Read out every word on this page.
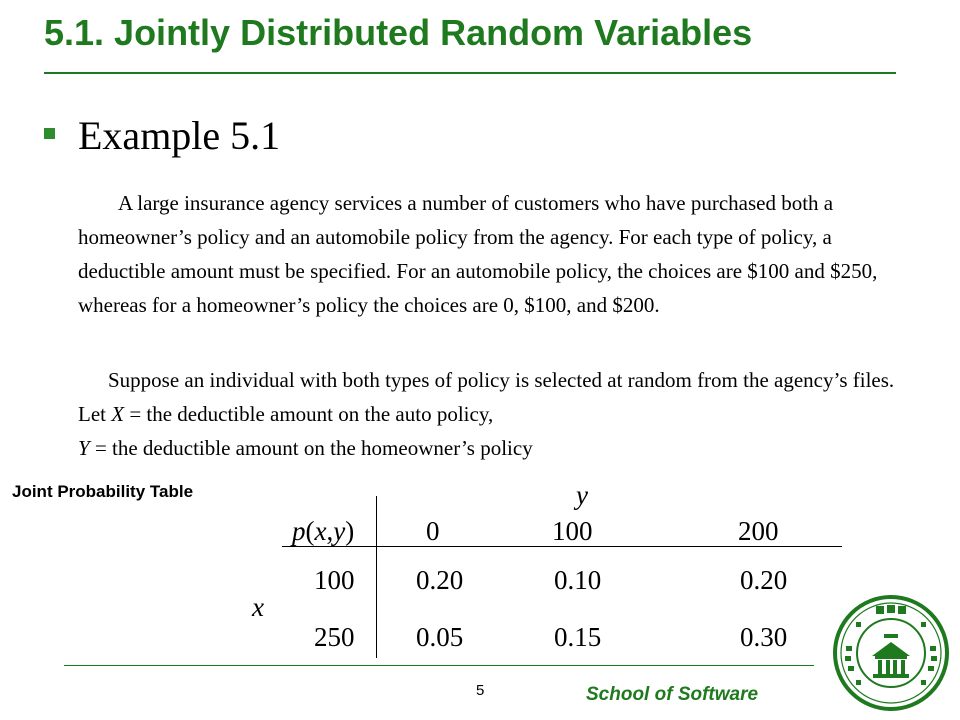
5.1. Jointly Distributed Random Variables
Example 5.1
A large insurance agency services a number of customers who have purchased both a homeowner’s policy and an automobile policy from the agency. For each type of policy, a deductible amount must be specified. For an automobile policy, the choices are $100 and $250, whereas for a homeowner’s policy the choices are 0, $100, and $200.
Suppose an individual with both types of policy is selected at random from the agency’s files. Let X = the deductible amount on the auto policy,
Y = the deductible amount on the homeowner’s policy
Joint Probability Table	y
p(x,y)	0	100	200
100 0.20	0.10	0.20
x
250 0.05	0.15	0.30
5	School of Software
